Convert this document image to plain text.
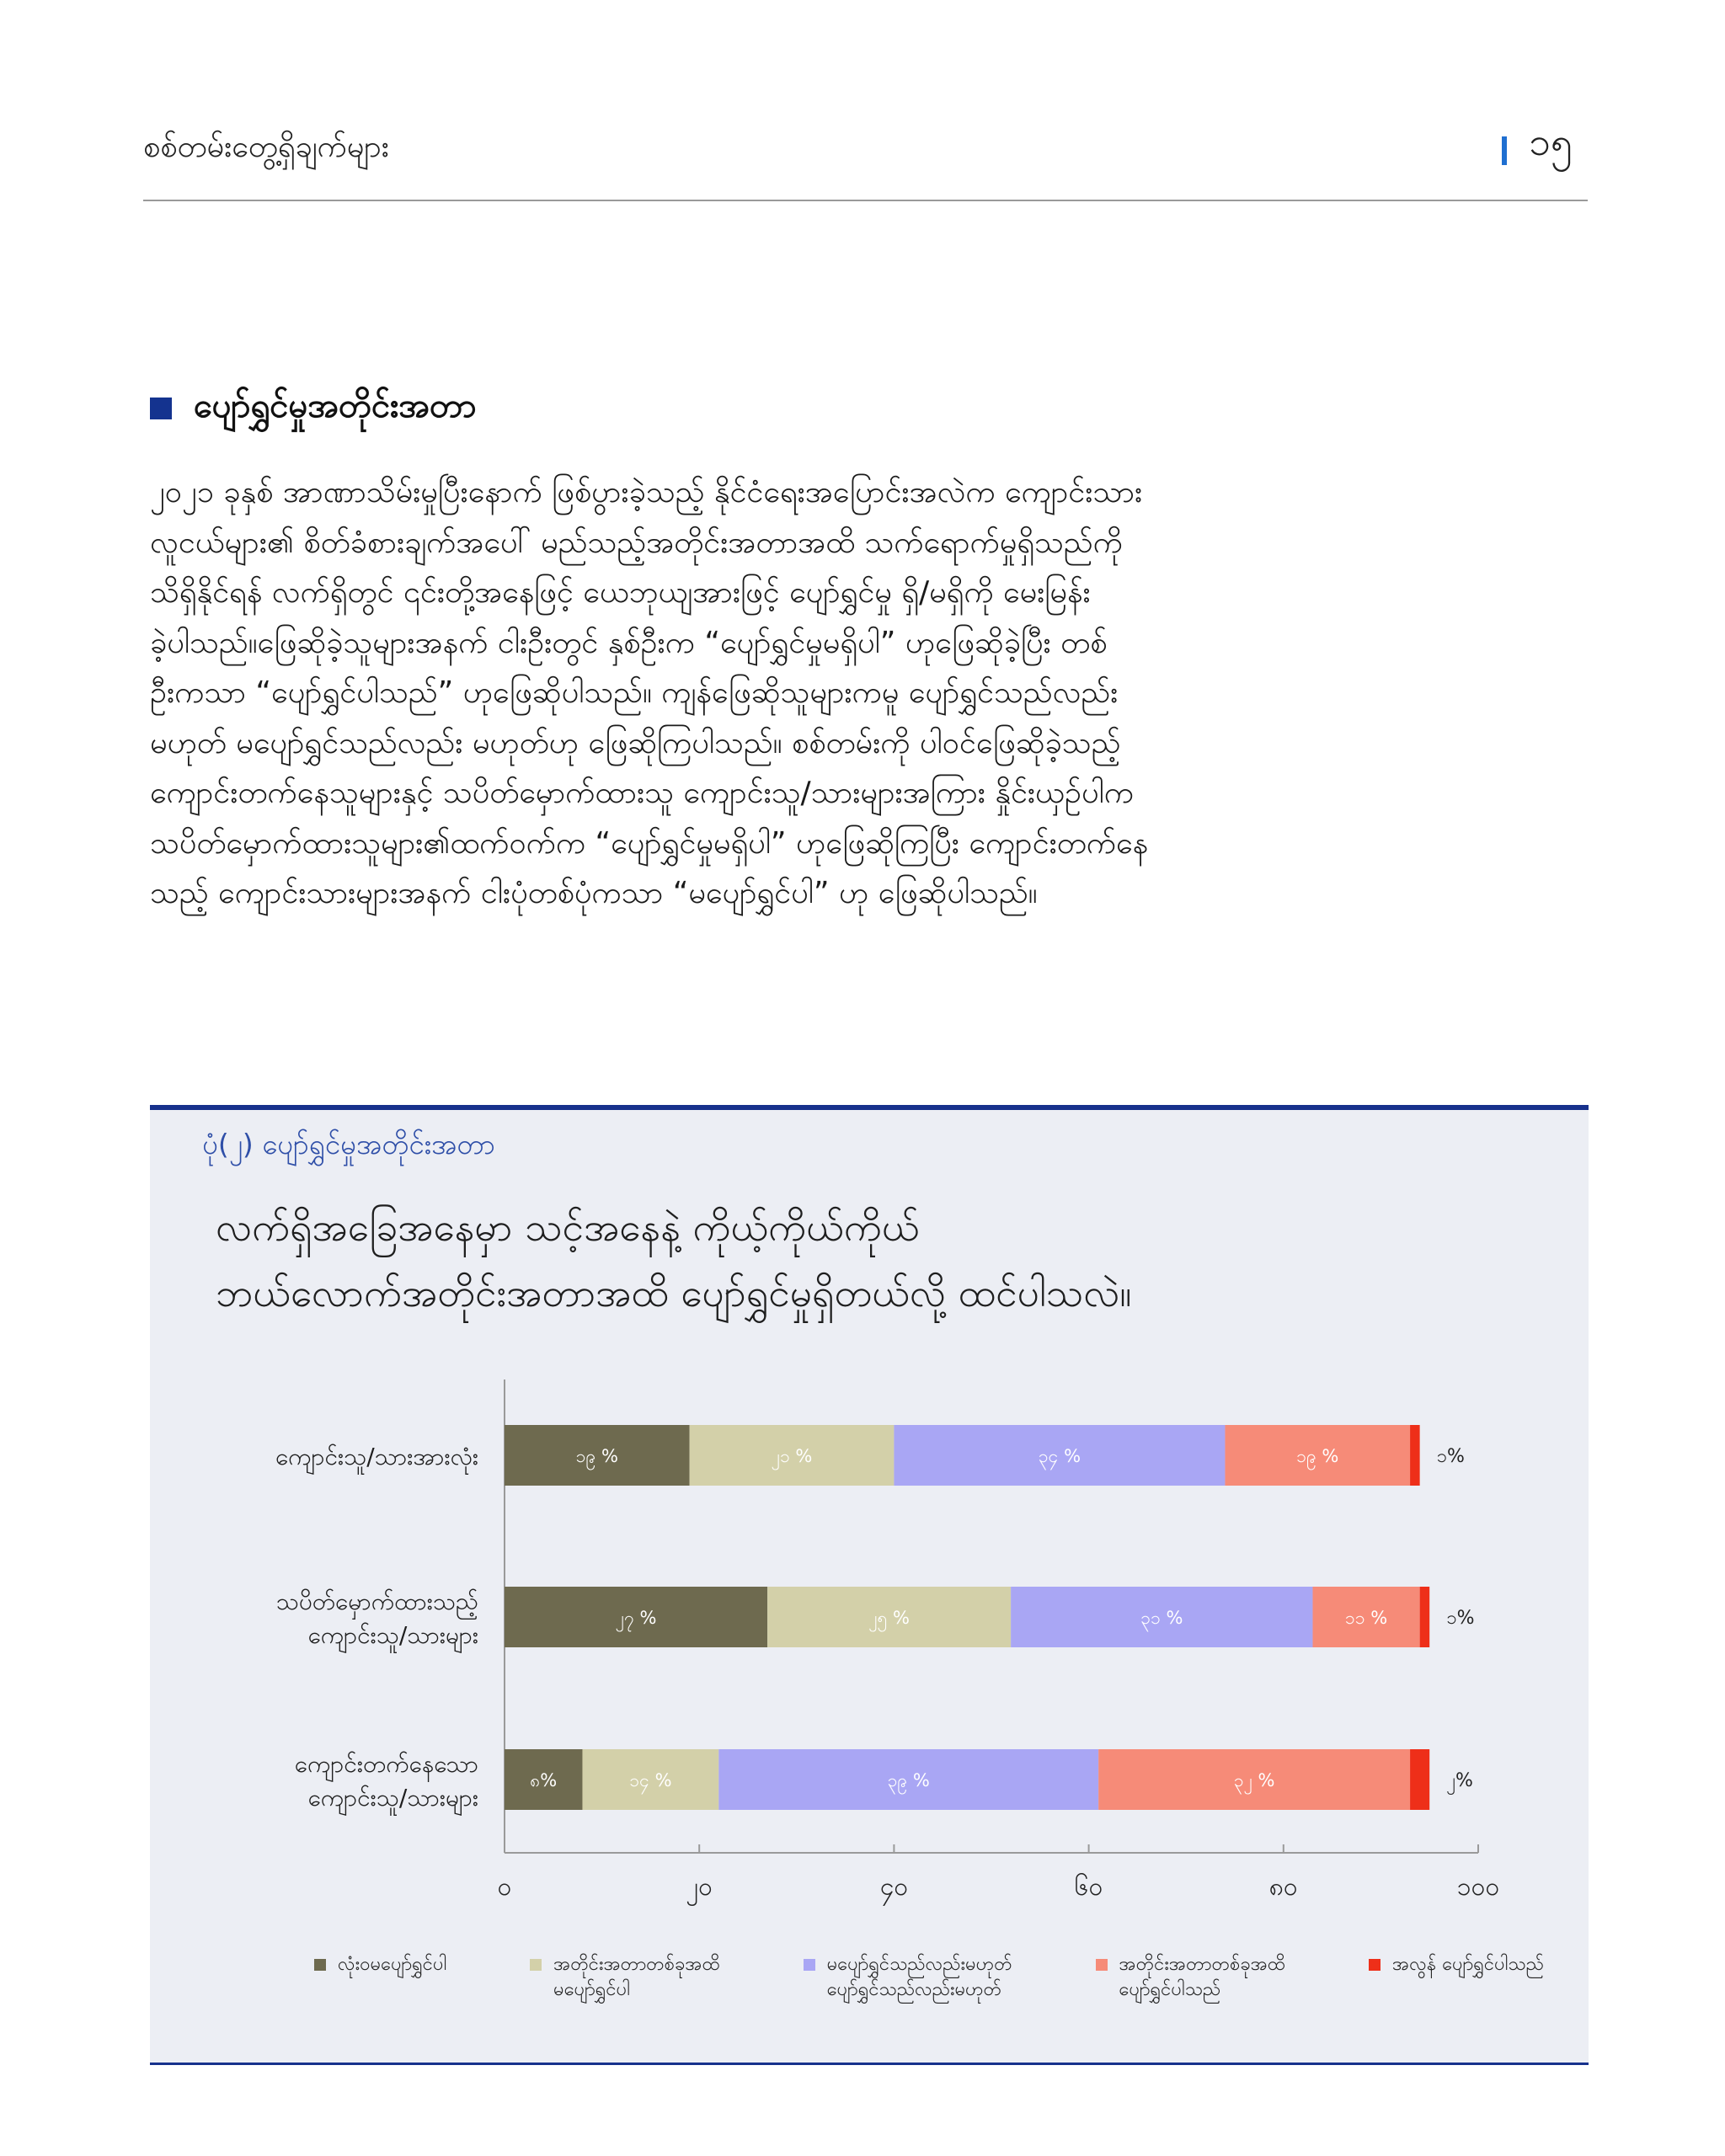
စစ်တမ်းတွေ့ရှိချက်များ	၁၅
ပျော်ရွှင်မှုအတိုင်းအတာ
၂၀၂၁ ခုနှစ် အာဏာသိမ်းမှုပြီးနောက် ဖြစ်ပွားခဲ့သည့် နိုင်ငံရေးအပြောင်းအလဲက ကျောင်းသား
လူငယ်များ၏ စိတ်ခံစားချက်အပေါ် မည်သည့်အတိုင်းအတာအထိ သက်ရောက်မှုရှိသည်ကို
သိရှိနိုင်ရန် လက်ရှိတွင် ၎င်းတို့အနေဖြင့် ယေဘုယျအားဖြင့် ပျော်ရွှင်မှု ရှိ/မရှိကို မေးမြန်း
ခဲ့ပါသည်။ဖြေဆိုခဲ့သူများအနက် ငါးဦးတွင် နှစ်ဦးက “ပျော်ရွှင်မှုမရှိပါ” ဟုဖြေဆိုခဲ့ပြီး တစ်
ဦးကသာ “ပျော်ရွှင်ပါသည်” ဟုဖြေဆိုပါသည်။ ကျန်ဖြေဆိုသူများကမူ ပျော်ရွှင်သည်လည်း
မဟုတ် မပျော်ရွှင်သည်လည်း မဟုတ်ဟု ဖြေဆိုကြပါသည်။ စစ်တမ်းကို ပါဝင်ဖြေဆိုခဲ့သည့်
ကျောင်းတက်နေသူများနှင့် သပိတ်မှောက်ထားသူ ကျောင်းသူ/သားများအကြား နှိုင်းယှဉ်ပါက
သပိတ်မှောက်ထားသူများ၏ထက်ဝက်က “ပျော်ရွှင်မှုမရှိပါ” ဟုဖြေဆိုကြပြီး ကျောင်းတက်နေ
သည့် ကျောင်းသားများအနက် ငါးပုံတစ်ပုံကသာ “မပျော်ရွှင်ပါ” ဟု ဖြေဆိုပါသည်။
ပုံ(၂) ပျော်ရွှင်မှုအတိုင်းအတာ
လက်ရှိအခြေအနေမှာ သင့်အနေနဲ့ ကိုယ့်ကိုယ်ကိုယ်
ဘယ်လောက်အတိုင်းအတာအထိ ပျော်ရွှင်မှုရှိတယ်လို့ ထင်ပါသလဲ။
၀	၂၀	၄၀	၆၀	၈၀	၁၀၀
ကျောင်းသူ/သားအားလုံး	၁၉ %	၂၁ %	၃၄ %	၁၉ %	၁%
သပိတ်မှောက်ထားသည့်
ကျောင်းသူ/သားများ
၂၇ %	၂၅ %	၃၁ %	၁၁ %	၁%
ကျောင်းတက်နေသော
ကျောင်းသူ/သားများ
၈%	၁၄ %	၃၉ %	၃၂ %	၂%
လုံးဝမပျော်ရွှင်ပါ	အတိုင်းအတာတစ်ခုအထိ
မပျော်ရွှင်ပါ
မပျော်ရွှင်သည်လည်းမဟုတ်
ပျော်ရွှင်သည်လည်းမဟုတ်
အတိုင်းအတာတစ်ခုအထိ
ပျော်ရွှင်ပါသည်
အလွန် ပျော်ရွှင်ပါသည်
